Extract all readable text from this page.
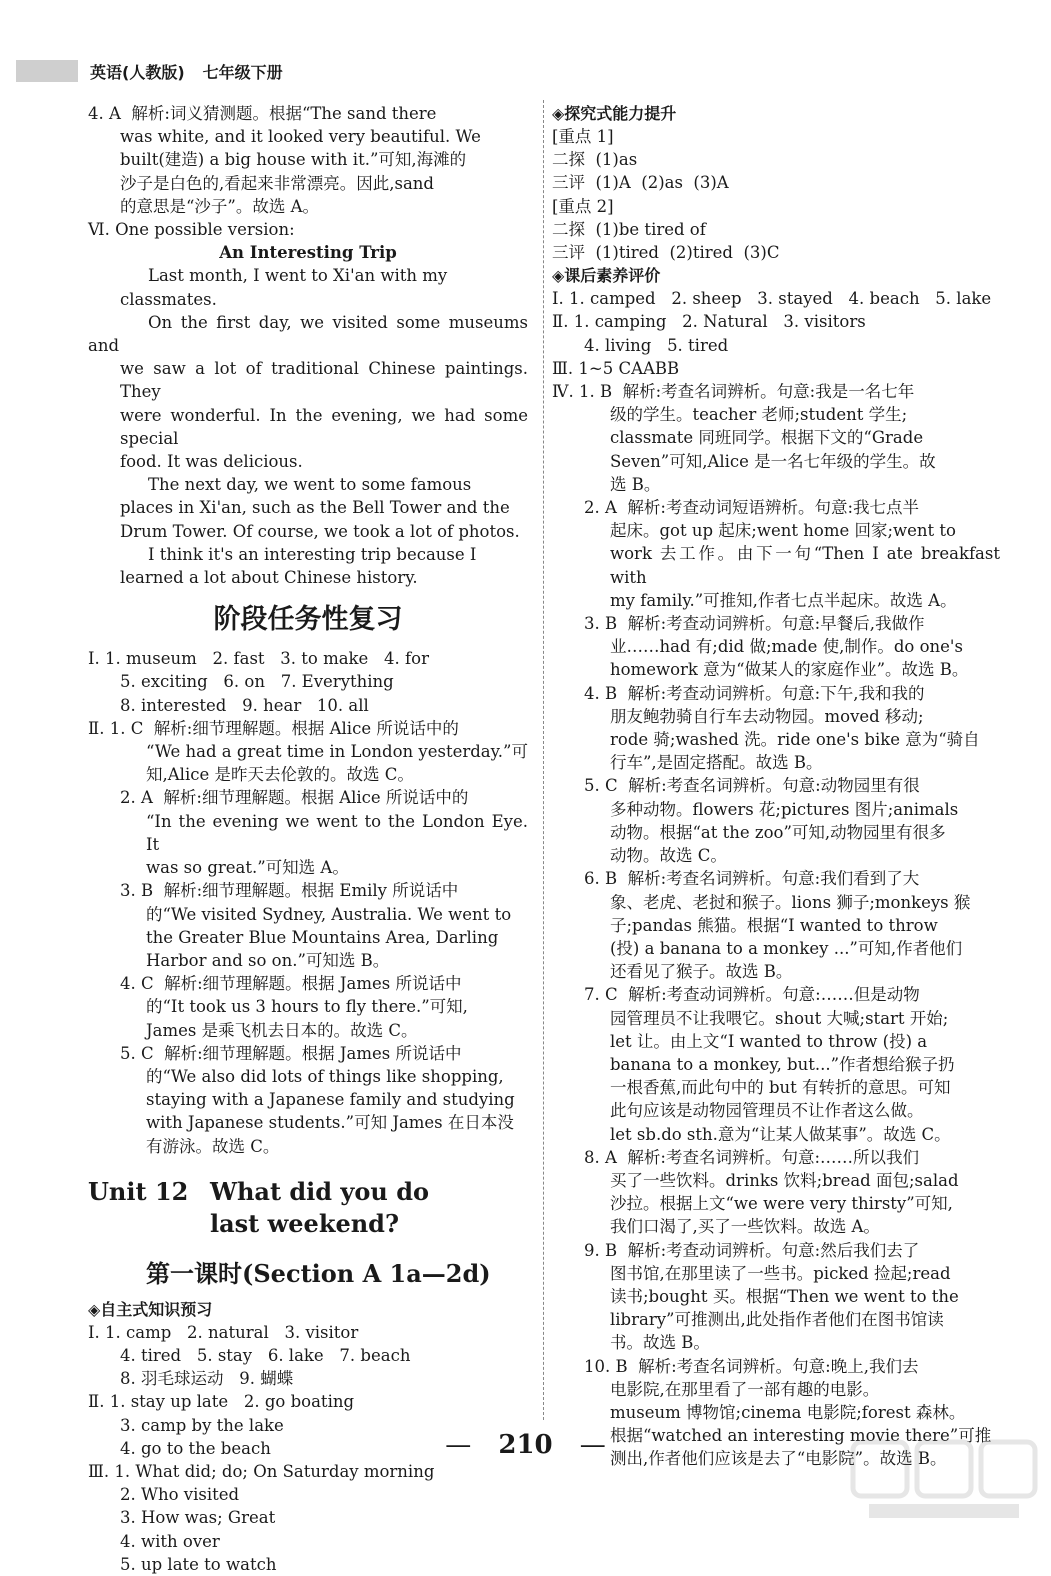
英语(人教版) 七年级下册
4. A  解析:词义猜测题。根据“The sand there
was white, and it looked very beautiful. We
built(建造) a big house with it.”可知,海滩的
沙子是白色的,看起来非常漂亮。因此,sand
的意思是“沙子”。故选 A。
Ⅵ. One possible version:
An Interesting Trip
Last month, I went to Xi'an with my
classmates.
On the first day, we visited some museums and
we saw a lot of traditional Chinese paintings. They
were wonderful. In the evening, we had some special
food. It was delicious.
The next day, we went to some famous
places in Xi'an, such as the Bell Tower and the
Drum Tower. Of course, we took a lot of photos.
I think it's an interesting trip because I
learned a lot about Chinese history.
阶段任务性复习
Ⅰ. 1. museum   2. fast   3. to make   4. for
5. exciting   6. on   7. Everything
8. interested   9. hear   10. all
Ⅱ. 1. C  解析:细节理解题。根据 Alice 所说话中的
“We had a great time in London yesterday.”可
知,Alice 是昨天去伦敦的。故选 C。
2. A  解析:细节理解题。根据 Alice 所说话中的
“In the evening we went to the London Eye. It
was so great.”可知选 A。
3. B  解析:细节理解题。根据 Emily 所说话中
的“We visited Sydney, Australia. We went to
the Greater Blue Mountains Area, Darling
Harbor and so on.”可知选 B。
4. C  解析:细节理解题。根据 James 所说话中
的“It took us 3 hours to fly there.”可知,
James 是乘飞机去日本的。故选 C。
5. C  解析:细节理解题。根据 James 所说话中
的“We also did lots of things like shopping,
staying with a Japanese family and studying
with Japanese students.”可知 James 在日本没
有游泳。故选 C。
Unit 12 What did you do
last weekend?
第一课时(Section A 1a—2d)
◈自主式知识预习
Ⅰ. 1. camp   2. natural   3. visitor
4. tired   5. stay   6. lake   7. beach
8. 羽毛球运动   9. 蝴蝶
Ⅱ. 1. stay up late   2. go boating
3. camp by the lake
4. go to the beach
Ⅲ. 1. What did; do; On Saturday morning
2. Who visited
3. How was; Great
4. with over
5. up late to watch
◈探究式能力提升
[重点 1]
二探  (1)as
三评  (1)A  (2)as  (3)A
[重点 2]
二探  (1)be tired of
三评  (1)tired  (2)tired  (3)C
◈课后素养评价
Ⅰ. 1. camped   2. sheep   3. stayed   4. beach   5. lake
Ⅱ. 1. camping   2. Natural   3. visitors
4. living   5. tired
Ⅲ. 1~5 CAABB
Ⅳ. 1. B  解析:考查名词辨析。句意:我是一名七年
级的学生。teacher 老师;student 学生;
classmate 同班同学。根据下文的“Grade
Seven”可知,Alice 是一名七年级的学生。故
选 B。
2. A  解析:考查动词短语辨析。句意:我七点半
起床。got up 起床;went home 回家;went to
work 去工作。由下一句“Then I ate breakfast with
my family.”可推知,作者七点半起床。故选 A。
3. B  解析:考查动词辨析。句意:早餐后,我做作
业……had 有;did 做;made 使,制作。do one's
homework 意为“做某人的家庭作业”。故选 B。
4. B  解析:考查动词辨析。句意:下午,我和我的
朋友鲍勃骑自行车去动物园。moved 移动;
rode 骑;washed 洗。ride one's bike 意为“骑自
行车”,是固定搭配。故选 B。
5. C  解析:考查名词辨析。句意:动物园里有很
多种动物。flowers 花;pictures 图片;animals
动物。根据“at the zoo”可知,动物园里有很多
动物。故选 C。
6. B  解析:考查名词辨析。句意:我们看到了大
象、老虎、老挝和猴子。lions 狮子;monkeys 猴
子;pandas 熊猫。根据“I wanted to throw
(投) a banana to a monkey ...”可知,作者他们
还看见了猴子。故选 B。
7. C  解析:考查动词辨析。句意:……但是动物
园管理员不让我喂它。shout 大喊;start 开始;
let 让。由上文“I wanted to throw (投) a
banana to a monkey, but...”作者想给猴子扔
一根香蕉,而此句中的 but 有转折的意思。可知
此句应该是动物园管理员不让作者这么做。
let sb.do sth.意为“让某人做某事”。故选 C。
8. A  解析:考查名词辨析。句意:……所以我们
买了一些饮料。drinks 饮料;bread 面包;salad
沙拉。根据上文“we were very thirsty”可知,
我们口渴了,买了一些饮料。故选 A。
9. B  解析:考查动词辨析。句意:然后我们去了
图书馆,在那里读了一些书。picked 捡起;read
读书;bought 买。根据“Then we went to the
library”可推测出,此处指作者他们在图书馆读
书。故选 B。
10. B  解析:考查名词辨析。句意:晚上,我们去
电影院,在那里看了一部有趣的电影。
museum 博物馆;cinema 电影院;forest 森林。
根据“watched an interesting movie there”可推
测出,作者他们应该是去了“电影院”。故选 B。
— 210 —
